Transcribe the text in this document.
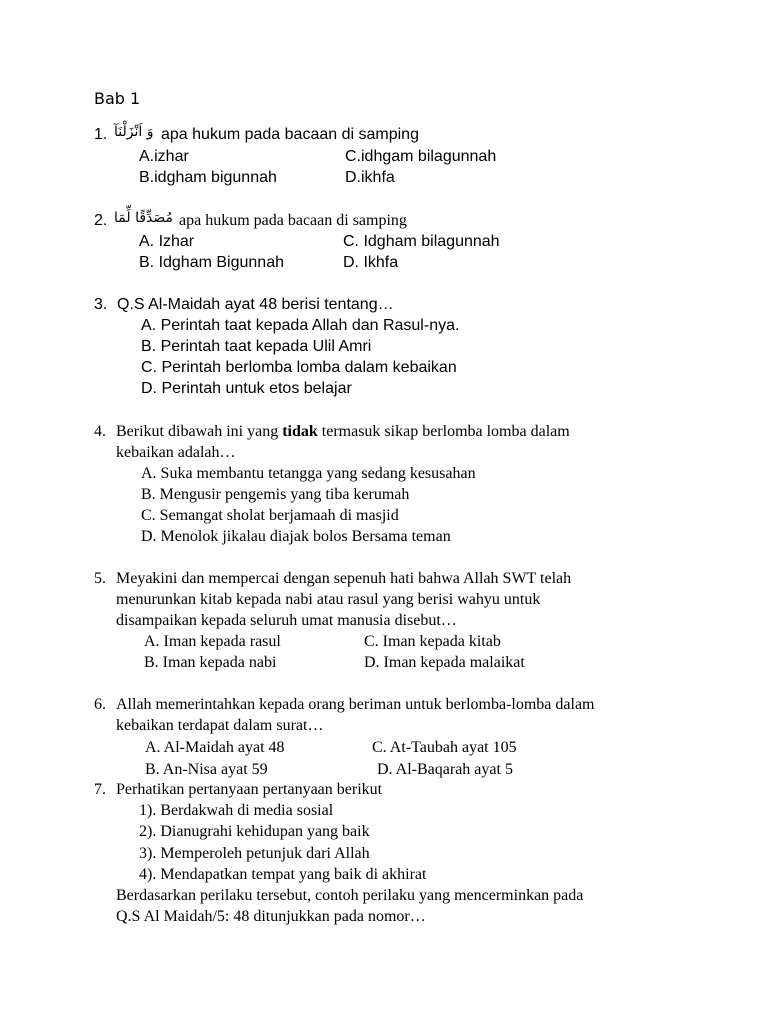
Bab 1
1. وَ اَنْزَلْنَآ apa hukum pada bacaan di samping
A.izhar	C.idhgam bilagunnah
B.idgham bigunnah	D.ikhfa
2. مُصَدِّقًا لِّمَا apa hukum pada bacaan di samping
A. Izhar	C. Idgham bilagunnah
B. Idgham Bigunnah	D. Ikhfa
3. Q.S Al-Maidah ayat 48 berisi tentang…
A. Perintah taat kepada Allah dan Rasul-nya.
B. Perintah taat kepada Ulil Amri
C. Perintah berlomba lomba dalam kebaikan
D. Perintah untuk etos belajar
4. Berikut dibawah ini yang tidak termasuk sikap berlomba lomba dalam
kebaikan adalah…
A. Suka membantu tetangga yang sedang kesusahan
B. Mengusir pengemis yang tiba kerumah
C. Semangat sholat berjamaah di masjid
D. Menolok jikalau diajak bolos Bersama teman
5. Meyakini dan mempercai dengan sepenuh hati bahwa Allah SWT telah
menurunkan kitab kepada nabi atau rasul yang berisi wahyu untuk
disampaikan kepada seluruh umat manusia disebut…
A. Iman kepada rasul	C. Iman kepada kitab
B. Iman kepada nabi	D. Iman kepada malaikat
6. Allah memerintahkan kepada orang beriman untuk berlomba-lomba dalam
kebaikan terdapat dalam surat…
A. Al-Maidah ayat 48	C. At-Taubah ayat 105
B. An-Nisa ayat 59	D. Al-Baqarah ayat 5
7. Perhatikan pertanyaan pertanyaan berikut
1). Berdakwah di media sosial
2). Dianugrahi kehidupan yang baik
3). Memperoleh petunjuk dari Allah
4). Mendapatkan tempat yang baik di akhirat
Berdasarkan perilaku tersebut, contoh perilaku yang mencerminkan pada
Q.S Al Maidah/5: 48 ditunjukkan pada nomor…
